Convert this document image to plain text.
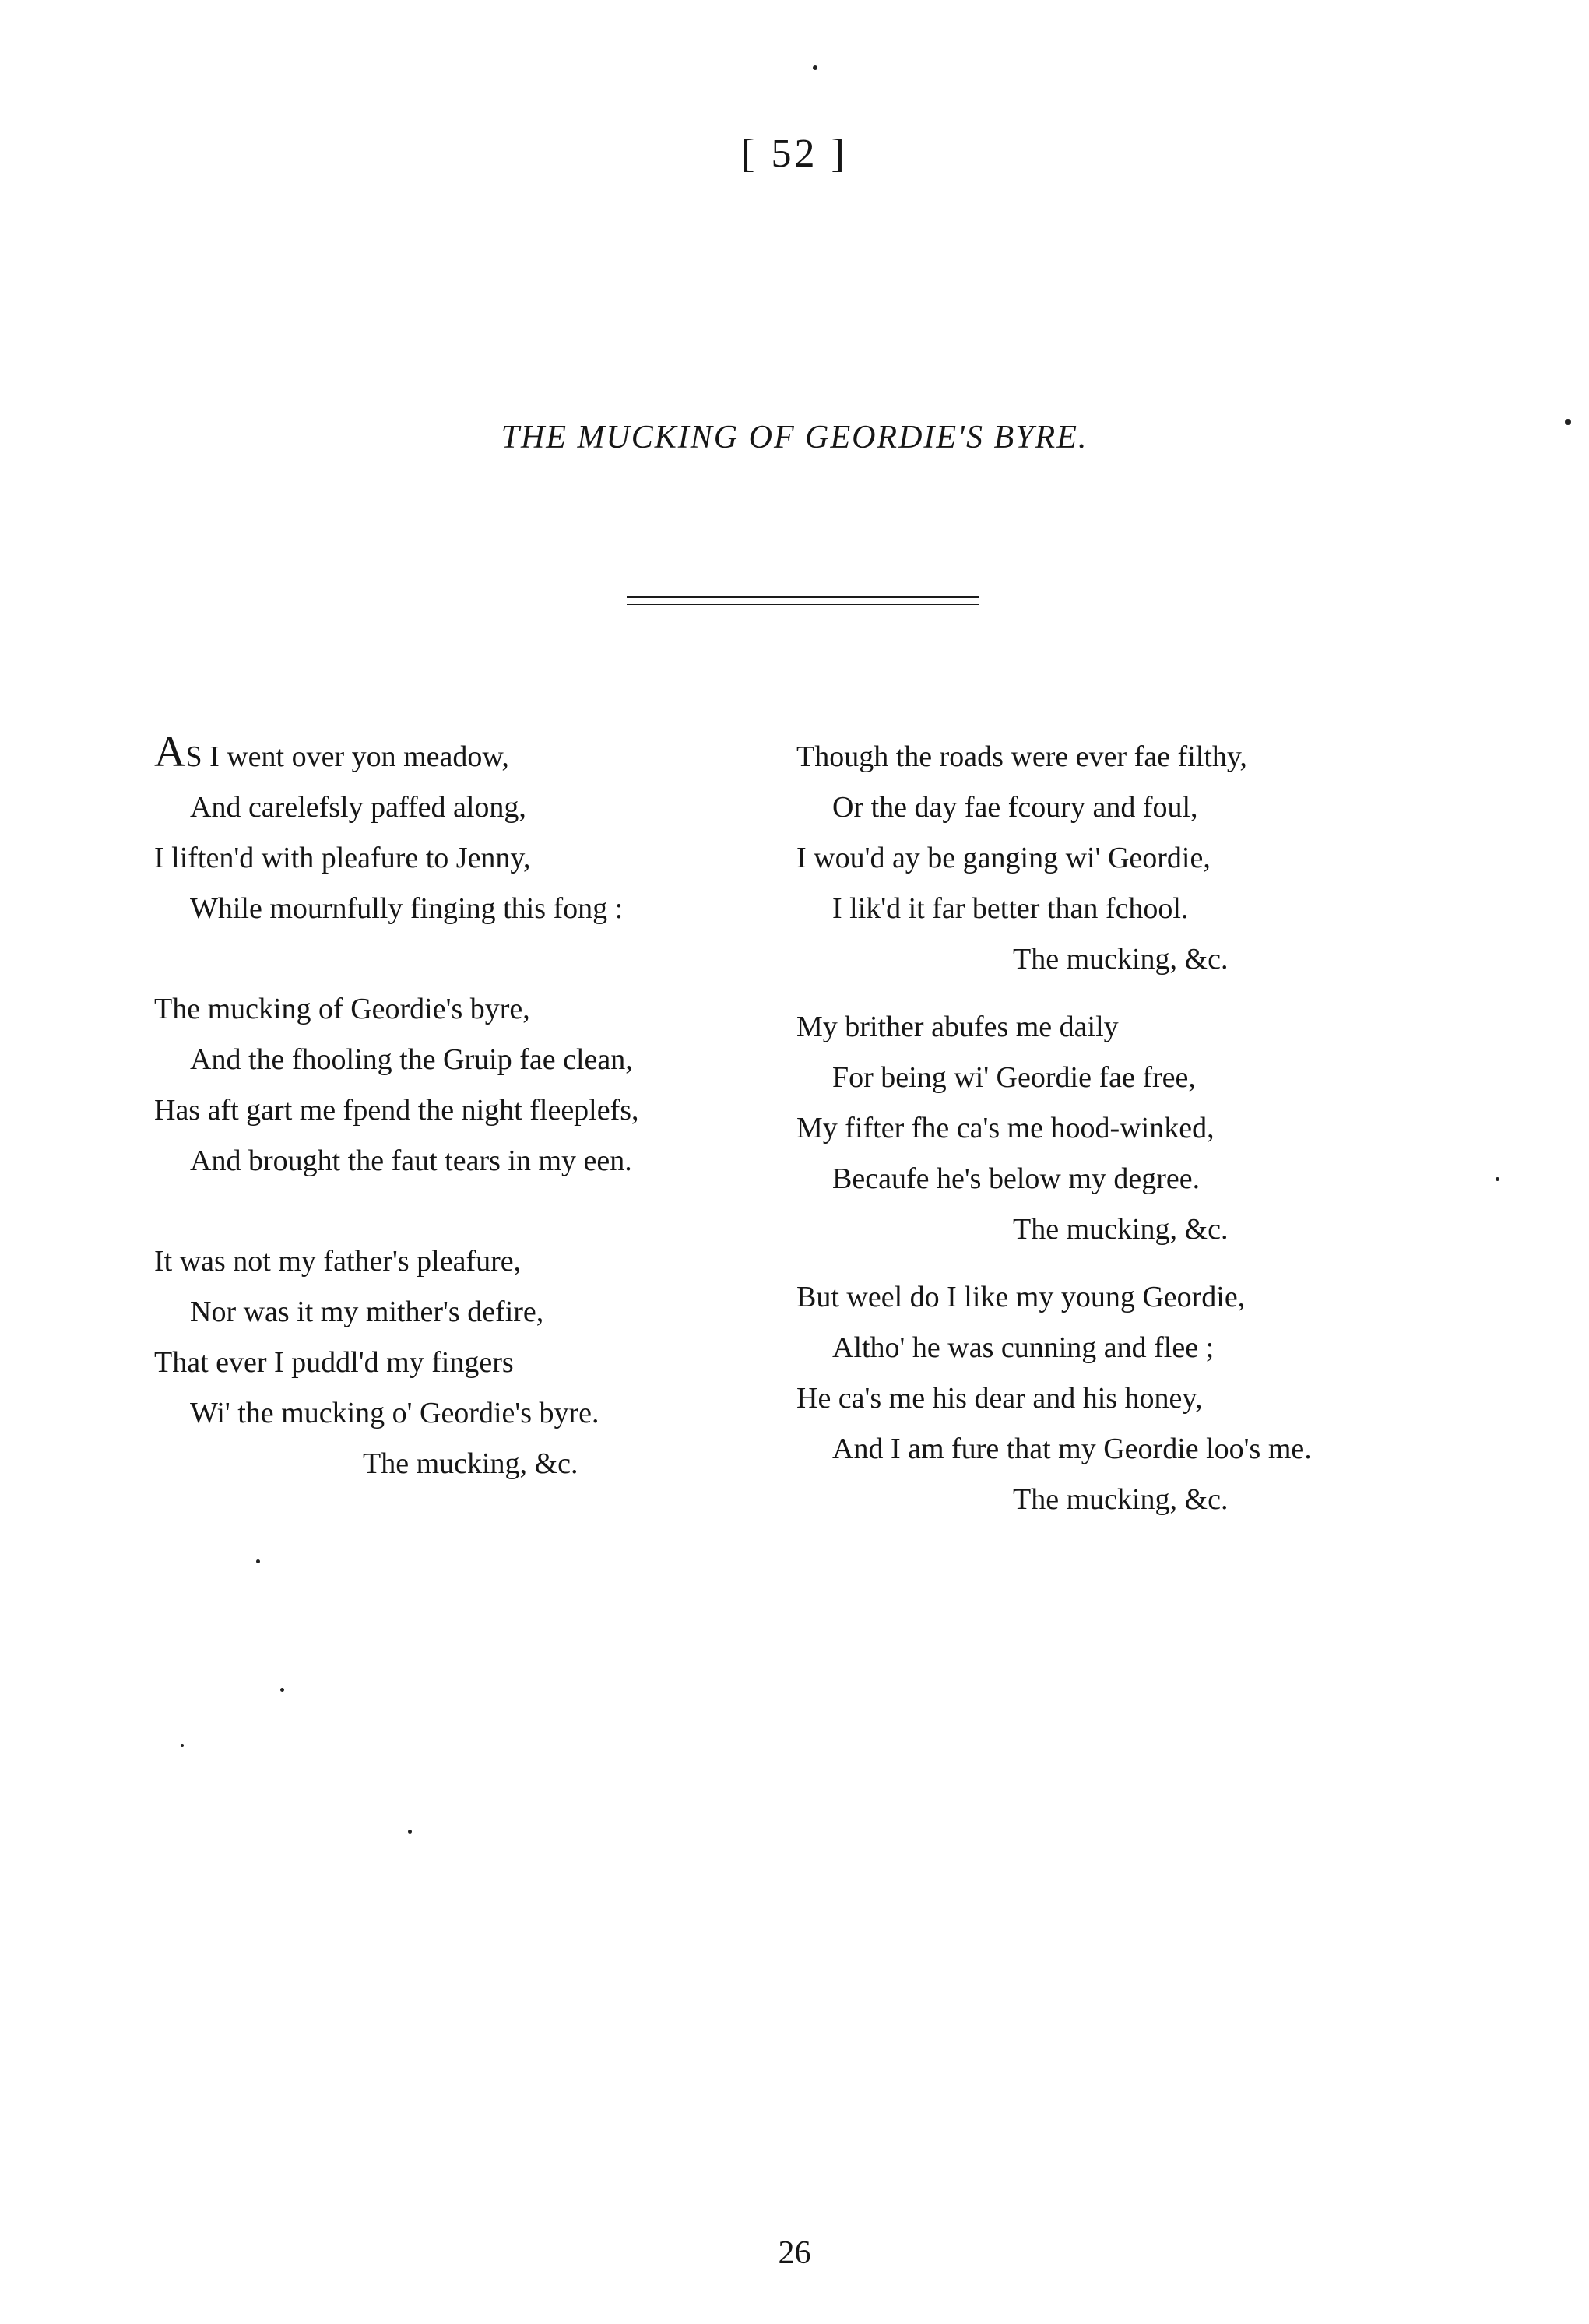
[ 52 ]
THE MUCKING OF GEORDIE'S BYRE.
AS I went over yon meadow,
And carelefsly paffed along,
I liften'd with pleafure to Jenny,
While mournfully finging this fong :
The mucking of Geordie's byre,
And the fhooling the Gruip fae clean,
Has aft gart me fpend the night fleeplefs,
And brought the faut tears in my een.
It was not my father's pleafure,
Nor was it my mither's defire,
That ever I puddl'd my fingers
Wi' the mucking o' Geordie's byre.
The mucking, &c.
Though the roads were ever fae filthy,
Or the day fae fcoury and foul,
I wou'd ay be ganging wi' Geordie,
I lik'd it far better than fchool.
The mucking, &c.
My brither abufes me daily
For being wi' Geordie fae free,
My fifter fhe ca's me hood-winked,
Becaufe he's below my degree.
The mucking, &c.
But weel do I like my young Geordie,
Altho' he was cunning and flee ;
He ca's me his dear and his honey,
And I am fure that my Geordie loo's me.
The mucking, &c.
26
